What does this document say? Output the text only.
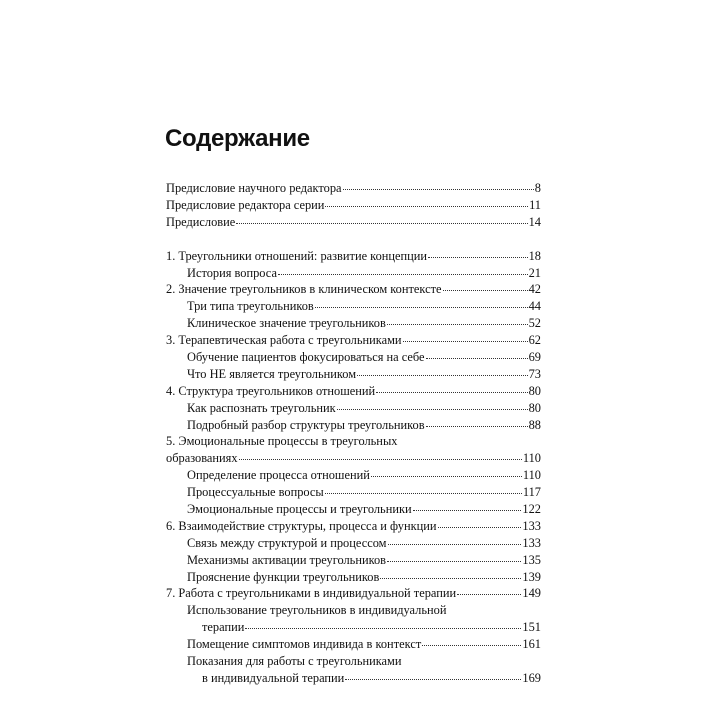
Содержание
Предисловие научного редактора	8
Предисловие редактора серии	11
Предисловие	14
1. Треугольники отношений: развитие концепции	18
История вопроса	21
2. Значение треугольников в клиническом контексте	42
Три типа треугольников	44
Клиническое значение треугольников	52
3. Терапевтическая работа с треугольниками	62
Обучение пациентов фокусироваться на себе	69
Что НЕ является треугольником	73
4. Структура треугольников отношений	80
Как распознать треугольник	80
Подробный разбор структуры треугольников	88
5. Эмоциональные процессы в треугольных
образованиях	110
Определение процесса отношений	110
Процессуальные вопросы	117
Эмоциональные процессы и треугольники	122
6. Взаимодействие структуры, процесса и функции	133
Связь между структурой и процессом	133
Механизмы активации треугольников	135
Прояснение функции треугольников	139
7. Работа с треугольниками в индивидуальной терапии	149
Использование треугольников в индивидуальной
терапии	151
Помещение симптомов индивида в контекст	161
Показания для работы с треугольниками
в индивидуальной терапии	169
